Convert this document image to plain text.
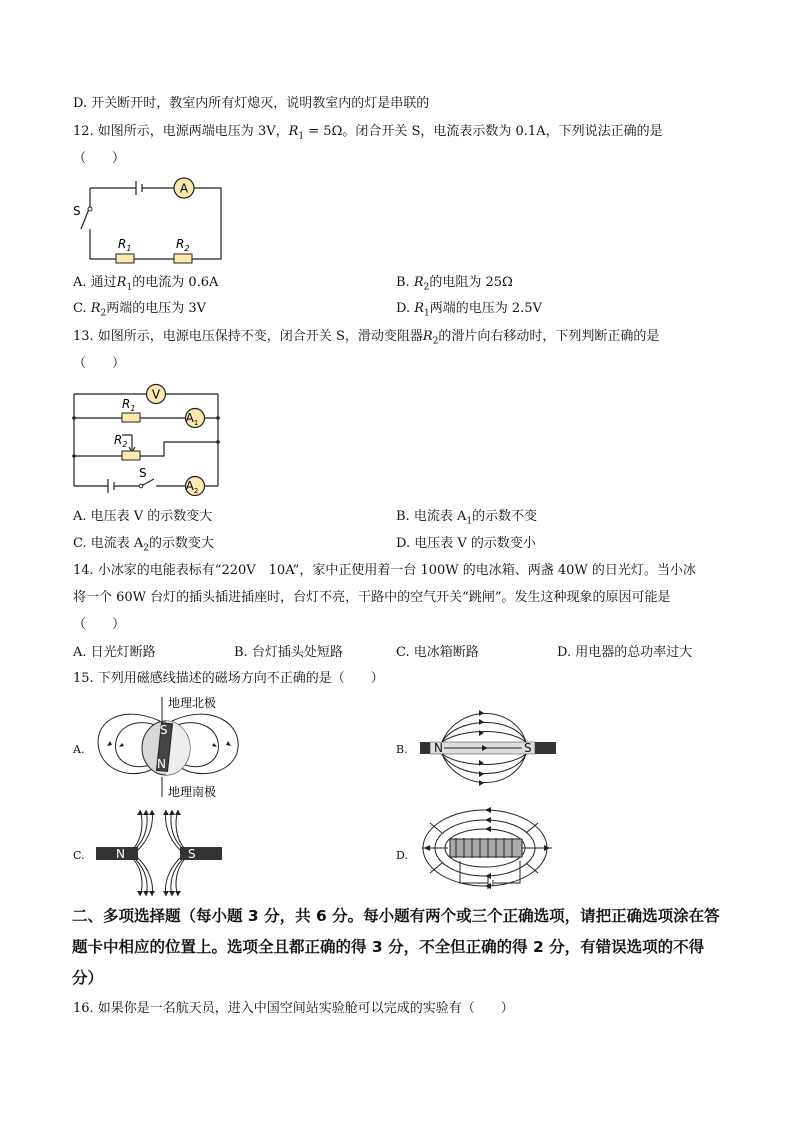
D. 开关断开时，教室内所有灯熄灭，说明教室内的灯是串联的
12. 如图所示，电源两端电压为 3V，$R_1 = 5\Omega$。闭合开关 S，电流表示数为 0.1A，下列说法正确的是
（　　）
A
S
$R_1$	$R_2$
A. 通过$R_1$的电流为 0.6A	B. $R_2$的电阻为 25Ω
C. $R_2$两端的电压为 3V	D. $R_1$两端的电压为 2.5V
13. 如图所示，电源电压保持不变，闭合开关 S，滑动变阻器$R_2$的滑片向右移动时，下列判断正确的是
（　　）
V
$A_1$
$A_2$
$R_1$
$R_2$
S
A. 电压表 V 的示数变大	B. 电流表 $A_1$的示数不变
C. 电流表 $A_2$的示数变大	D. 电压表 V 的示数变小
14. 小冰家的电能表标有“220V　10A”，家中正使用着一台 100W 的电冰箱、两盏 40W 的日光灯。当小冰
将一个 60W 台灯的插头插进插座时，台灯不亮，干路中的空气开关“跳闸”。发生这种现象的原因可能是
（　　）
A. 日光灯断路	B. 台灯插头处短路	C. 电冰箱断路	D. 用电器的总功率过大
15. 下列用磁感线描述的磁场方向不正确的是（　　）
A.
S
N
地理北极
地理南极
B. N	S
C.	N	S	D.
二、多项选择题（每小题 3 分，共 6 分。每小题有两个或三个正确选项，请把正确选项涂在答题卡中相应的位置上。选项全且都正确的得 3 分，不全但正确的得 2 分，有错误选项的不得分）
16. 如果你是一名航天员，进入中国空间站实验舱可以完成的实验有（　　）
